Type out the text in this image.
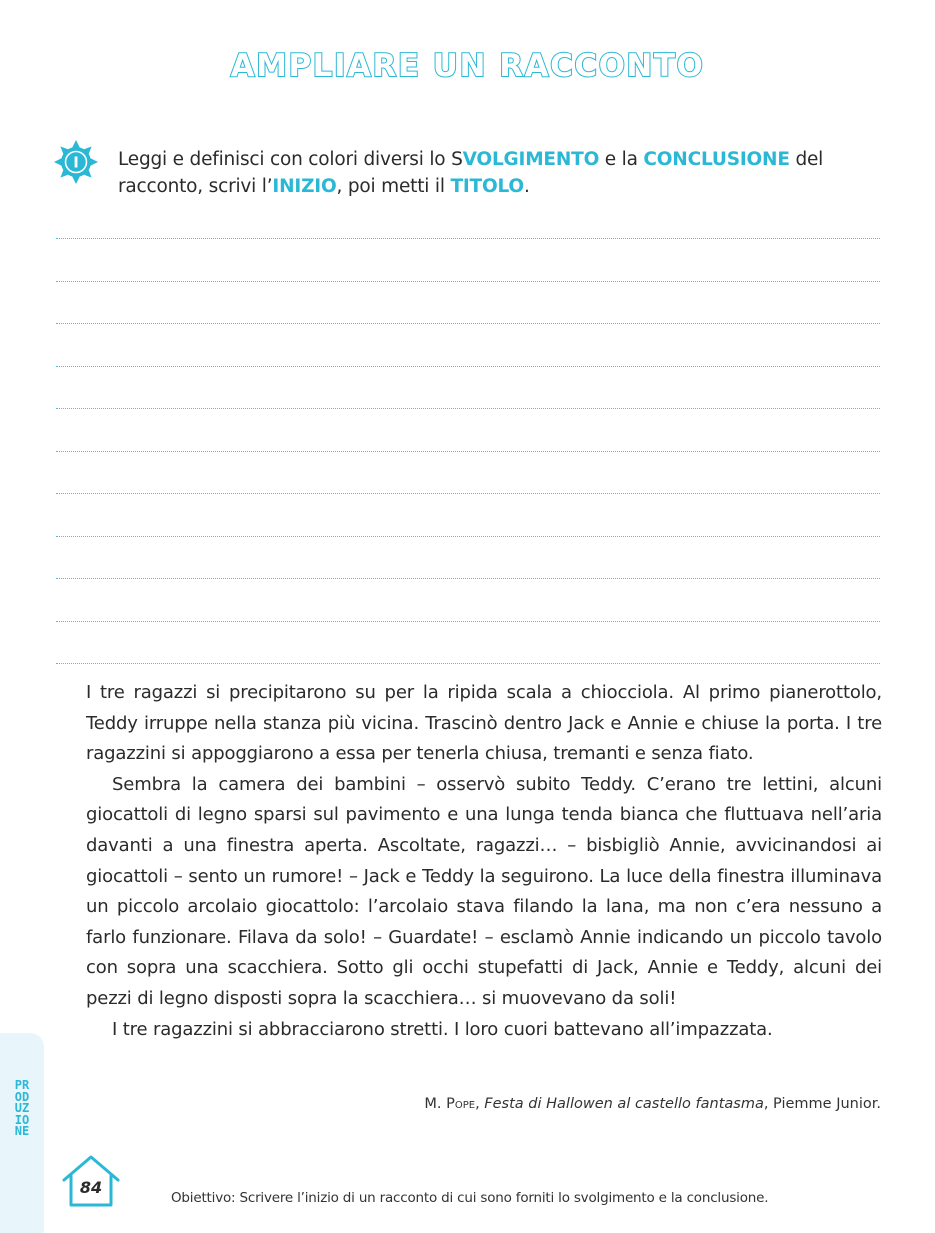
AMPLIARE UN RACCONTO
I Leggi e definisci con colori diversi lo SVOLGIMENTO e la CONCLUSIONE del racconto, scrivi l’INIZIO, poi metti il TITOLO.

I tre ragazzi si precipitarono su per la ripida scala a chiocciola. Al primo pianerottolo, Teddy irruppe nella stanza più vicina. Trascinò dentro Jack e Annie e chiuse la porta. I tre ragazzini si appoggiarono a essa per tenerla chiusa, tremanti e senza fiato.

Sembra la camera dei bambini – osservò subito Teddy. C’erano tre lettini, alcuni giocattoli di legno sparsi sul pavimento e una lunga tenda bianca che fluttuava nell’aria davanti a una finestra aperta. Ascoltate, ragazzi… – bisbigliò Annie, avvicinandosi ai giocattoli – sento un rumore! – Jack e Teddy la seguirono. La luce della finestra illuminava un piccolo arcolaio giocattolo: l’arcolaio stava filando la lana, ma non c’era nessuno a farlo funzionare. Filava da solo! – Guardate! – esclamò Annie indicando un piccolo tavolo con sopra una scacchiera. Sotto gli occhi stupefatti di Jack, Annie e Teddy, alcuni dei pezzi di legno disposti sopra la scacchiera… si muovevano da soli!

I tre ragazzini si abbracciarono stretti. I loro cuori battevano all’impazzata.

M. Pope, Festa di Hallowen al castello fantasma, Piemme Junior.
PRODUZIONE
84
Obiettivo: Scrivere l’inizio di un racconto di cui sono forniti lo svolgimento e la conclusione.
